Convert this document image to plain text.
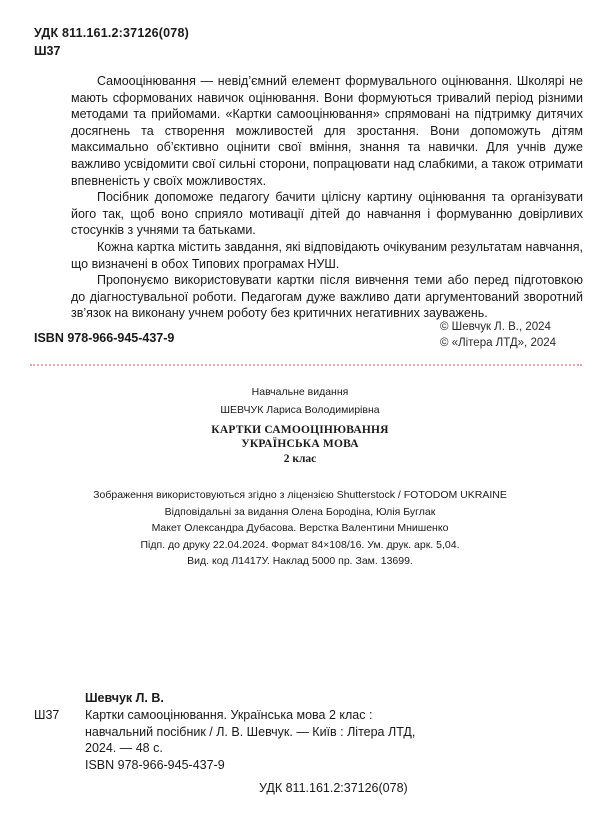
УДК 811.161.2:37126(078)
Ш37

Самооцінювання — невід’ємний елемент формувального оцінювання. Школярі не мають сформованих навичок оцінювання. Вони формуються тривалий період різними методами та прийомами. «Картки самооцінювання» спрямовані на підтримку дитячих досягнень та створення можливостей для зростання. Вони допоможуть дітям максимально об’єктивно оцінити свої вміння, знання та навички. Для учнів дуже важливо усвідомити свої сильні сторони, попрацювати над слабкими, а також отримати впевненість у своїх можливостях.

Посібник допоможе педагогу бачити цілісну картину оцінювання та організувати його так, щоб воно сприяло мотивації дітей до навчання і формуванню довірливих стосунків з учнями та батьками.

Кожна картка містить завдання, які відповідають очікуваним результатам навчання, що визначені в обох Типових програмах НУШ.

Пропонуємо використовувати картки після вивчення теми або перед підготовкою до діагностувальної роботи. Педагогам дуже важливо дати аргументований зворотний зв’язок на виконану учнем роботу без критичних негативних зауважень.

ISBN 978-966-945-437-9
© Шевчук Л. В., 2024
© «Літера ЛТД», 2024
Навчальне видання
ШЕВЧУК Лариса Володимирівна
КАРТКИ САМООЦІНЮВАННЯ
УКРАЇНСЬКА МОВА
2 клас
Зображення використовуються згідно з ліцензією Shutterstock / FOTODOM UKRAINE
Відповідальні за видання Олена Бородіна, Юлія Буглак
Макет Олександра Дубасова. Верстка Валентини Мнишенко
Підп. до друку 22.04.2024. Формат 84×108/16. Ум. друк. арк. 5,04.
Вид. код Л1417У. Наклад 5000 пр. Зам. 13699.
Шевчук Л. В.
Ш37 Картки самооцінювання. Українська мова 2 клас :
навчальний посібник / Л. В. Шевчук. — Київ : Літера ЛТД,
2024. — 48 с.
ISBN 978-966-945-437-9
УДК 811.161.2:37126(078)
